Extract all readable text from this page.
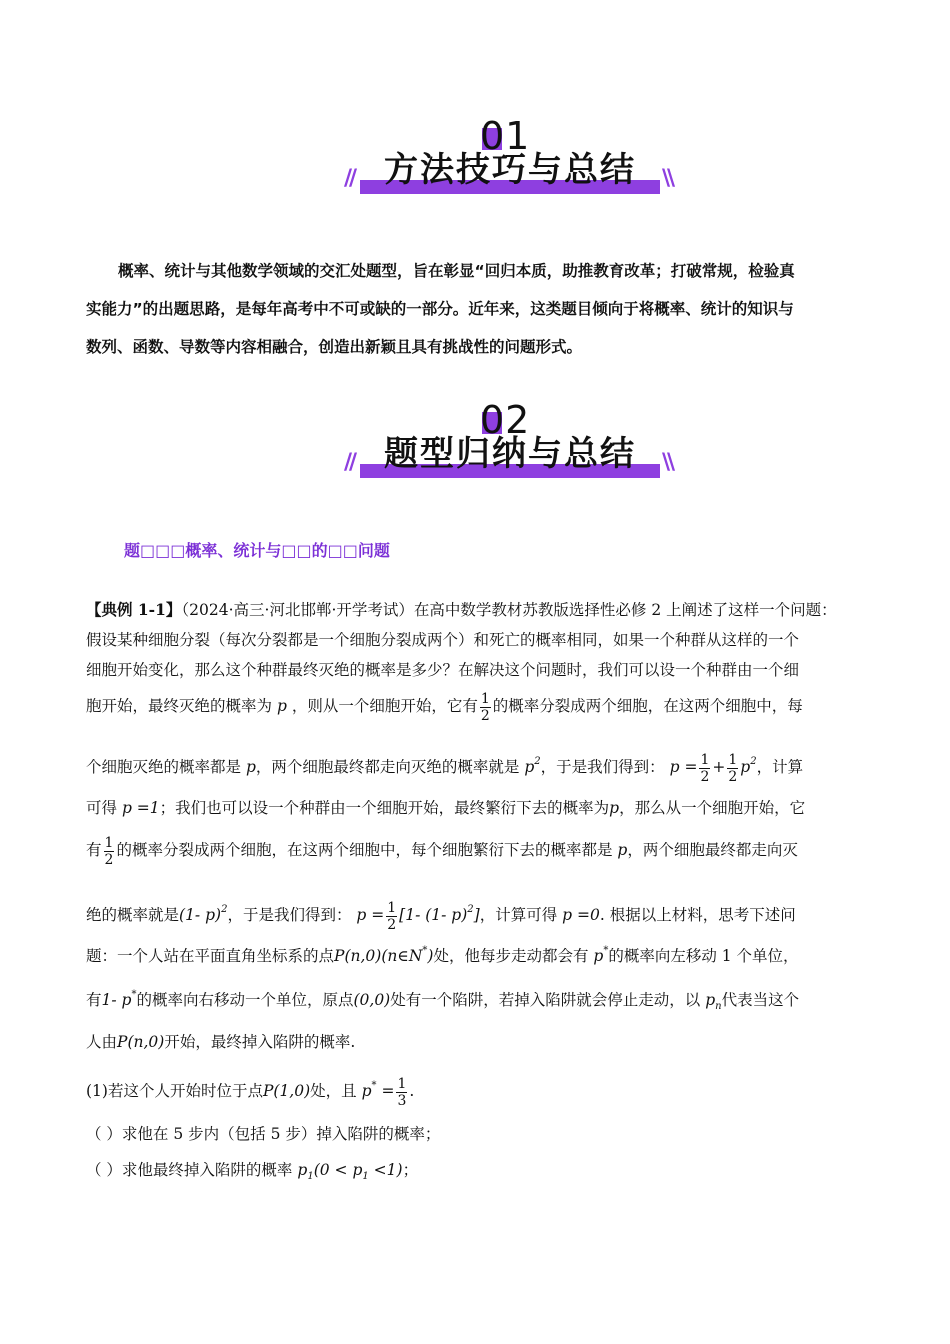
01
方法技巧与总结
//	\\

概率、统计与其他数学领域的交汇处题型，旨在彰显“回归本质，助推教育改革；打破常规，检验真

实能力”的出题思路，是每年高考中不可或缺的一部分。近年来，这类题目倾向于将概率、统计的知识与

数列、函数、导数等内容相融合，创造出新颖且具有挑战性的问题形式。

02
题型归纳与总结
//	\\
题□□□概率、统计与□□的□□问题
【典例 1-1】（2024·高三·河北邯郸·开学考试）在高中数学教材苏教版选择性必修 2 上阐述了这样一个问题：
假设某种细胞分裂（每次分裂都是一个细胞分裂成两个）和死亡的概率相同，如果一个种群从这样的一个
细胞开始变化，那么这个种群最终灭绝的概率是多少？在解决这个问题时，我们可以设一个种群由一个细
胞开始，最终灭绝的概率为 p ，则从一个细胞开始，它有 $\frac{1}{2}$ 的概率分裂成两个细胞，在这两个细胞中，每
个细胞灭绝的概率都是 p，两个细胞最终都走向灭绝的概率就是 $p^2$，于是我们得到： $p = \frac{1}{2} + \frac{1}{2} p^2$，计算
可得 p =1；我们也可以设一个种群由一个细胞开始，最终繁衍下去的概率为p，那么从一个细胞开始，它
有 $\frac{1}{2}$ 的概率分裂成两个细胞，在这两个细胞中，每个细胞繁衍下去的概率都是 p，两个细胞最终都走向灭
绝的概率就是(1- p)$^2$，于是我们得到： $p = \frac{1}{2} [1-$ (1- p)$^2$]，计算可得 p =0. 根据以上材料，思考下述问
题：一个人站在平面直角坐标系的点P(n,0)(n∈N*)处，他每步走动都会有 p*的概率向左移动 1 个单位，
有1- p*的概率向右移动一个单位，原点(0,0)处有一个陷阱，若掉入陷阱就会停止走动，以 $p_n$代表当这个
人由P(n,0)开始，最终掉入陷阱的概率.
(1)若这个人开始时位于点P(1,0)处，且 $p^* = \frac{1}{3}$ .
（ ）求他在 5 步内（包括 5 步）掉入陷阱的概率；
（ ）求他最终掉入陷阱的概率 $p_1(0 < p_1 <1)$；
